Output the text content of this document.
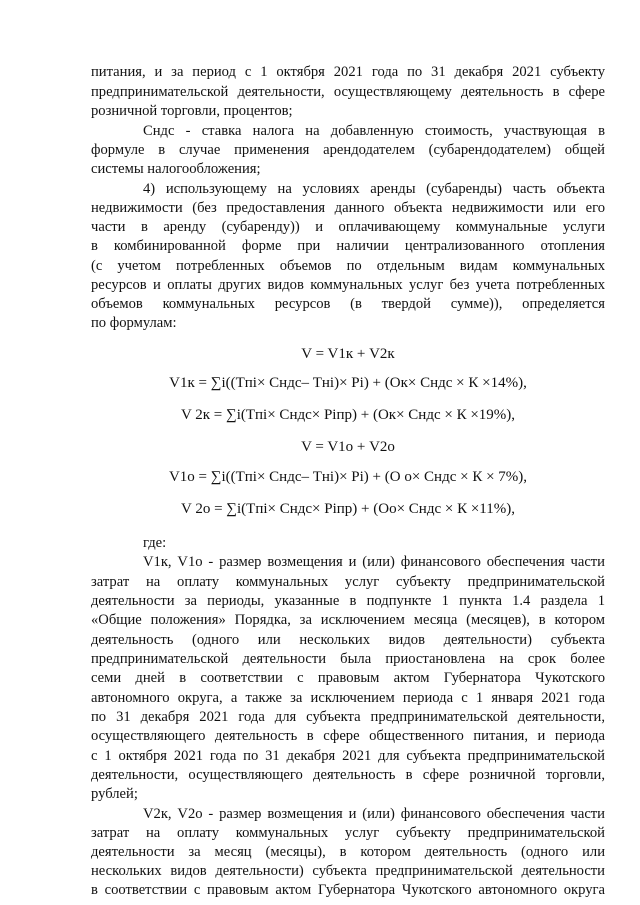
питания, и за период с 1 октября 2021 года по 31 декабря 2021 субъекту
предпринимательской деятельности, осуществляющему деятельность в сфере
розничной торговли, процентов;
Сндс - ставка налога на добавленную стоимость, участвующая в
формуле в случае применения арендодателем (субарендодателем) общей
системы налогообложения;
4) использующему на условиях аренды (субаренды) часть объекта
недвижимости (без предоставления данного объекта недвижимости или его
части в аренду (субаренду)) и оплачивающему коммунальные услуги
в комбинированной форме при наличии централизованного отопления
(с учетом потребленных объемов по отдельным видам коммунальных
ресурсов и оплаты других видов коммунальных услуг без учета потребленных
объемов коммунальных ресурсов (в твердой сумме)), определяется
по формулам:
V = V1к + V2к
V1к = ∑i((Tпi× Сндс– Тнi)× Pi) + (Ок× Сндс × К ×14%),
V 2к = ∑i(Tпi× Сндс× Piпр) + (Ок× Сндс × К ×19%),
V = V1о + V2о
V1о = ∑i((Tпi× Сндс– Тнi)× Pi) + (О о× Сндс × К × 7%),
V 2о = ∑i(Tпi× Сндс× Piпр) + (Оо× Сндс × К ×11%),
где:
V1к, V1о - размер возмещения и (или) финансового обеспечения части
затрат на оплату коммунальных услуг субъекту предпринимательской
деятельности за периоды, указанные в подпункте 1 пункта 1.4 раздела 1
«Общие положения» Порядка, за исключением месяца (месяцев), в котором
деятельность (одного или нескольких видов деятельности) субъекта
предпринимательской деятельности была приостановлена на срок более
семи дней в соответствии с правовым актом Губернатора Чукотского
автономного округа, а также за исключением периода с 1 января 2021 года
по 31 декабря 2021 года для субъекта предпринимательской деятельности,
осуществляющего деятельность в сфере общественного питания, и периода
с 1 октября 2021 года по 31 декабря 2021 для субъекта предпринимательской
деятельности, осуществляющего деятельность в сфере розничной торговли,
рублей;
V2к, V2о - размер возмещения и (или) финансового обеспечения части
затрат на оплату коммунальных услуг субъекту предпринимательской
деятельности за месяц (месяцы), в котором деятельность (одного или
нескольких видов деятельности) субъекта предпринимательской деятельности
в соответствии с правовым актом Губернатора Чукотского автономного округа
